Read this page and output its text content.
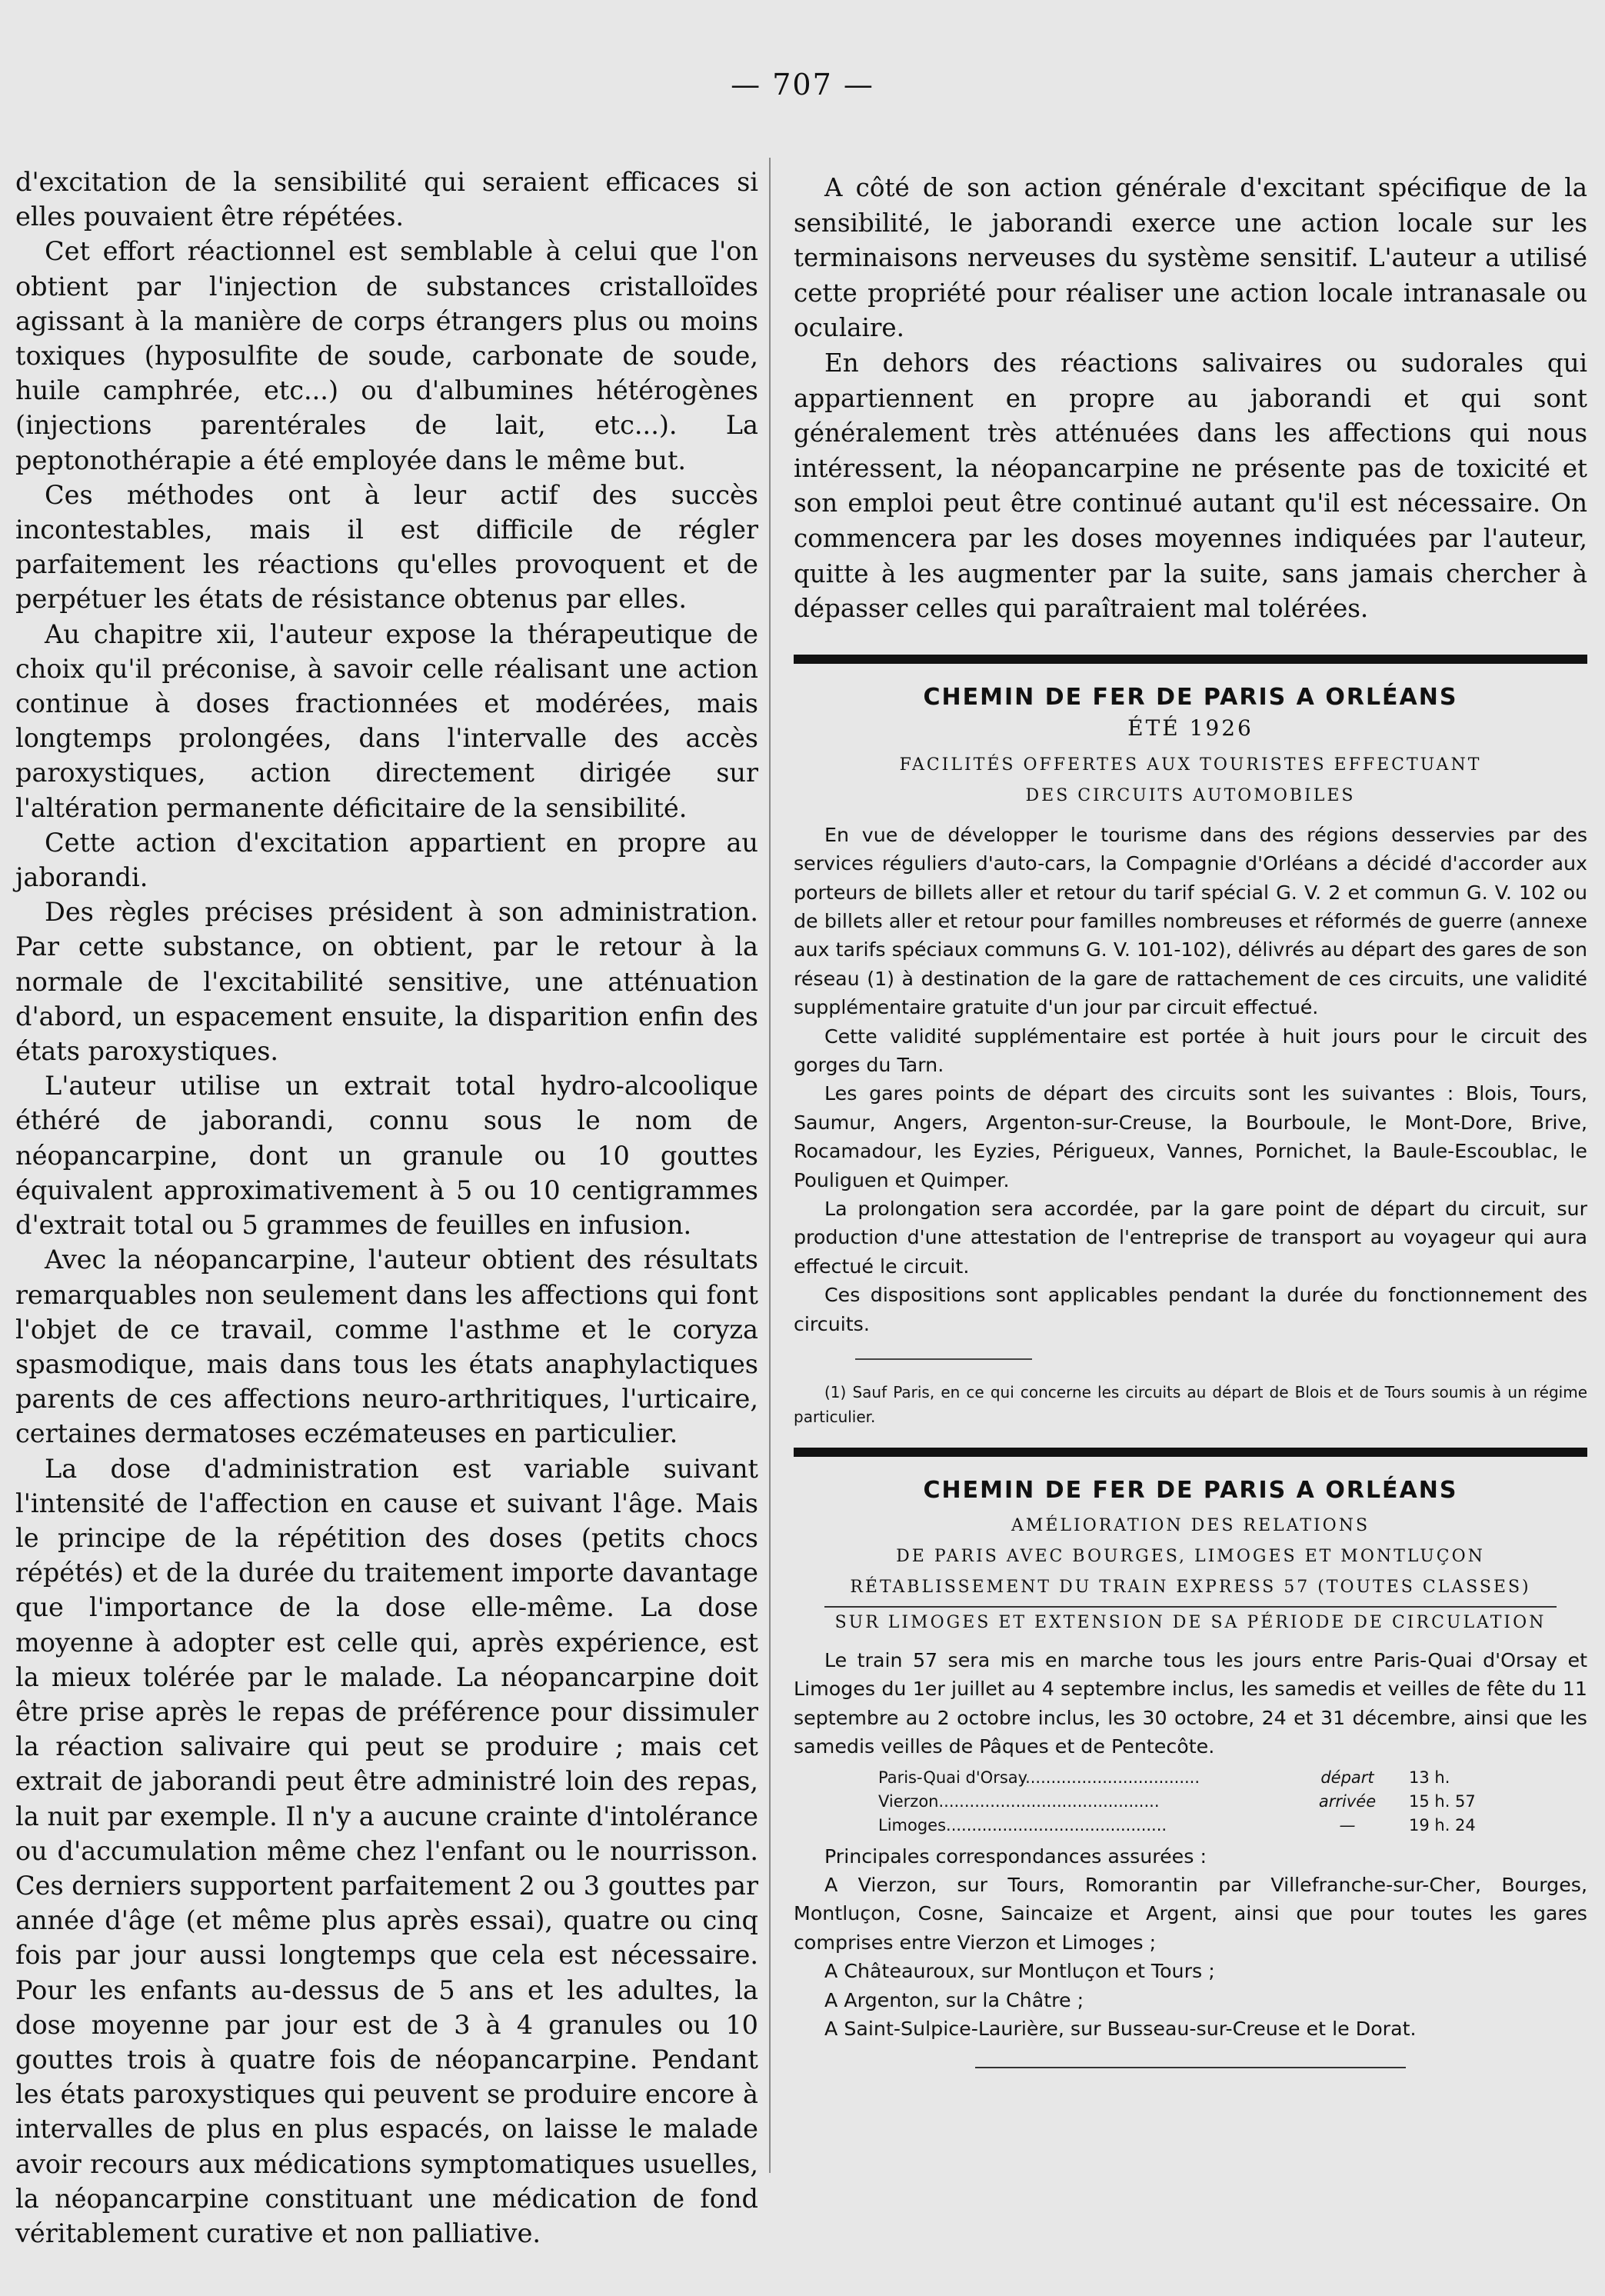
— 707 —

d'excitation de la sensibilité qui seraient efficaces si elles pouvaient être répétées.

Cet effort réactionnel est semblable à celui que l'on obtient par l'injection de substances cristalloïdes agissant à la manière de corps étrangers plus ou moins toxiques (hyposulfite de soude, carbonate de soude, huile camphrée, etc...) ou d'albumines hétérogènes (injections parentérales de lait, etc...). La peptonothérapie a été employée dans le même but.

Ces méthodes ont à leur actif des succès incontestables, mais il est difficile de régler parfaitement les réactions qu'elles provoquent et de perpétuer les états de résistance obtenus par elles.

Au chapitre xii, l'auteur expose la thérapeutique de choix qu'il préconise, à savoir celle réalisant une action continue à doses fractionnées et modérées, mais longtemps prolongées, dans l'intervalle des accès paroxystiques, action directement dirigée sur l'altération permanente déficitaire de la sensibilité.

Cette action d'excitation appartient en propre au jaborandi.

Des règles précises président à son administration. Par cette substance, on obtient, par le retour à la normale de l'excitabilité sensitive, une atténuation d'abord, un espacement ensuite, la disparition enfin des états paroxystiques.

L'auteur utilise un extrait total hydro-alcoolique éthéré de jaborandi, connu sous le nom de néopancarpine, dont un granule ou 10 gouttes équivalent approximativement à 5 ou 10 centigrammes d'extrait total ou 5 grammes de feuilles en infusion.

Avec la néopancarpine, l'auteur obtient des résultats remarquables non seulement dans les affections qui font l'objet de ce travail, comme l'asthme et le coryza spasmodique, mais dans tous les états anaphylactiques parents de ces affections neuro-arthritiques, l'urticaire, certaines dermatoses eczémateuses en particulier.

La dose d'administration est variable suivant l'intensité de l'affection en cause et suivant l'âge. Mais le principe de la répétition des doses (petits chocs répétés) et de la durée du traitement importe davantage que l'importance de la dose elle-même. La dose moyenne à adopter est celle qui, après expérience, est la mieux tolérée par le malade. La néopancarpine doit être prise après le repas de préférence pour dissimuler la réaction salivaire qui peut se produire ; mais cet extrait de jaborandi peut être administré loin des repas, la nuit par exemple. Il n'y a aucune crainte d'intolérance ou d'accumulation même chez l'enfant ou le nourrisson. Ces derniers supportent parfaitement 2 ou 3 gouttes par année d'âge (et même plus après essai), quatre ou cinq fois par jour aussi longtemps que cela est nécessaire. Pour les enfants au-dessus de 5 ans et les adultes, la dose moyenne par jour est de 3 à 4 granules ou 10 gouttes trois à quatre fois de néopancarpine. Pendant les états paroxystiques qui peuvent se produire encore à intervalles de plus en plus espacés, on laisse le malade avoir recours aux médications symptomatiques usuelles, la néopancarpine constituant une médication de fond véritablement curative et non palliative.

A côté de son action générale d'excitant spécifique de la sensibilité, le jaborandi exerce une action locale sur les terminaisons nerveuses du système sensitif. L'auteur a utilisé cette propriété pour réaliser une action locale intranasale ou oculaire.

En dehors des réactions salivaires ou sudorales qui appartiennent en propre au jaborandi et qui sont généralement très atténuées dans les affections qui nous intéressent, la néopancarpine ne présente pas de toxicité et son emploi peut être continué autant qu'il est nécessaire. On commencera par les doses moyennes indiquées par l'auteur, quitte à les augmenter par la suite, sans jamais chercher à dépasser celles qui paraîtraient mal tolérées.

CHEMIN DE FER DE PARIS A ORLÉANS
ÉTÉ 1926
FACILITÉS OFFERTES AUX TOURISTES EFFECTUANT
DES CIRCUITS AUTOMOBILES

En vue de développer le tourisme dans des régions desservies par des services réguliers d'auto-cars, la Compagnie d'Orléans a décidé d'accorder aux porteurs de billets aller et retour du tarif spécial G. V. 2 et commun G. V. 102 ou de billets aller et retour pour familles nombreuses et réformés de guerre (annexe aux tarifs spéciaux communs G. V. 101-102), délivrés au départ des gares de son réseau (1) à destination de la gare de rattachement de ces circuits, une validité supplémentaire gratuite d'un jour par circuit effectué.

Cette validité supplémentaire est portée à huit jours pour le circuit des gorges du Tarn.

Les gares points de départ des circuits sont les suivantes : Blois, Tours, Saumur, Angers, Argenton-sur-Creuse, la Bourboule, le Mont-Dore, Brive, Rocamadour, les Eyzies, Périgueux, Vannes, Pornichet, la Baule-Escoublac, le Pouliguen et Quimper.

La prolongation sera accordée, par la gare point de départ du circuit, sur production d'une attestation de l'entreprise de transport au voyageur qui aura effectué le circuit.

Ces dispositions sont applicables pendant la durée du fonctionnement des circuits.

(1) Sauf Paris, en ce qui concerne les circuits au départ de Blois et de Tours soumis à un régime particulier.
CHEMIN DE FER DE PARIS A ORLÉANS
AMÉLIORATION DES RELATIONS
DE PARIS AVEC BOURGES, LIMOGES ET MONTLUÇON
RÉTABLISSEMENT DU TRAIN EXPRESS 57 (TOUTES CLASSES)
SUR LIMOGES ET EXTENSION DE SA PÉRIODE DE CIRCULATION

Le train 57 sera mis en marche tous les jours entre Paris-Quai d'Orsay et Limoges du 1er juillet au 4 septembre inclus, les samedis et veilles de fête du 11 septembre au 2 octobre inclus, les 30 octobre, 24 et 31 décembre, ainsi que les samedis veilles de Pâques et de Pentecôte.

Paris-Quai d'Orsay..................................	départ	13 h.
Vierzon...........................................	arrivée	15 h. 57
Limoges...........................................	—	19 h. 24

Principales correspondances assurées :

A Vierzon, sur Tours, Romorantin par Villefranche-sur-Cher, Bourges, Montluçon, Cosne, Saincaize et Argent, ainsi que pour toutes les gares comprises entre Vierzon et Limoges ;

A Châteauroux, sur Montluçon et Tours ;

A Argenton, sur la Châtre ;

A Saint-Sulpice-Laurière, sur Busseau-sur-Creuse et le Dorat.
